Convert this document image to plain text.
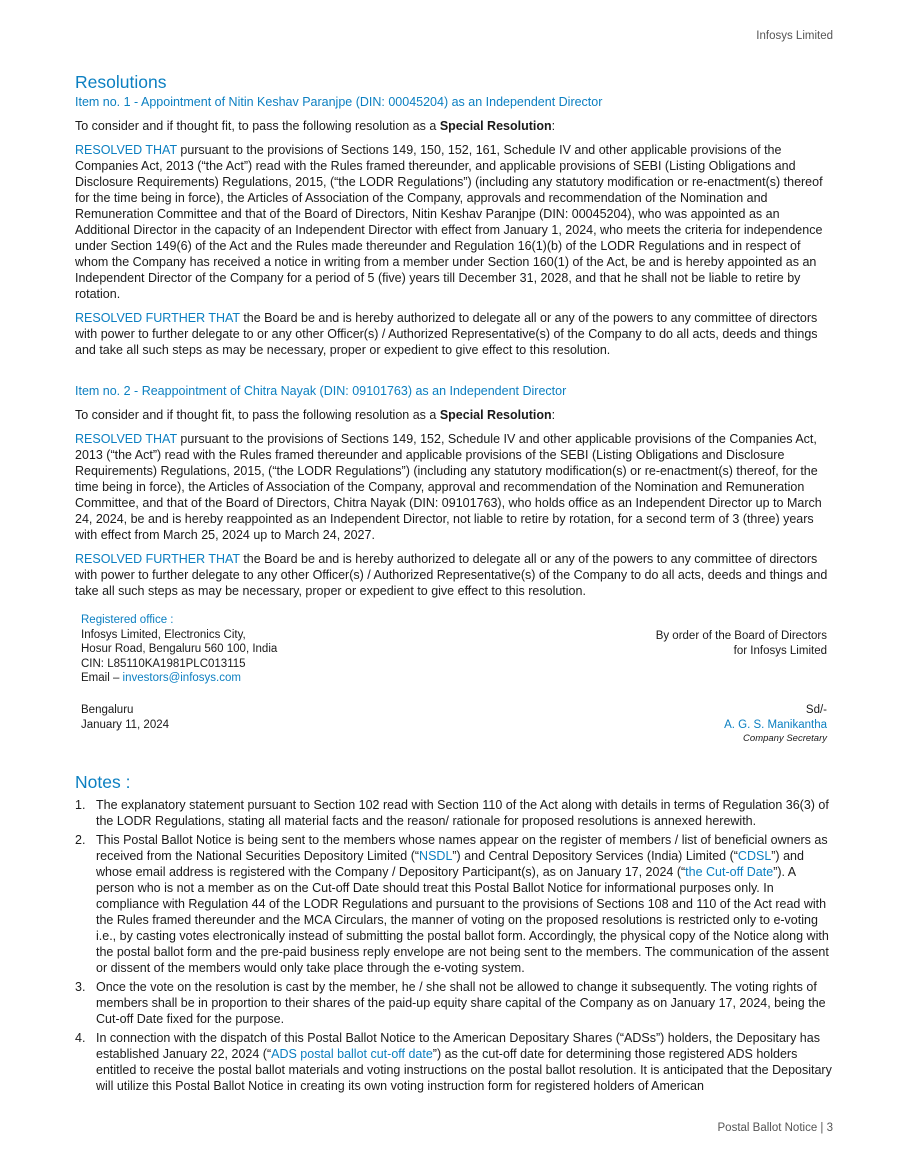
Infosys Limited
Resolutions
Item no. 1 - Appointment of Nitin Keshav Paranjpe (DIN: 00045204) as an Independent Director

To consider and if thought fit, to pass the following resolution as a Special Resolution:

RESOLVED THAT pursuant to the provisions of Sections 149, 150, 152, 161, Schedule IV and other applicable provisions of the Companies Act, 2013 (“the Act”) read with the Rules framed thereunder, and applicable provisions of SEBI (Listing Obligations and Disclosure Requirements) Regulations, 2015, (“the LODR Regulations”) (including any statutory modification or re-enactment(s) thereof for the time being in force), the Articles of Association of the Company, approvals and recommendation of the Nomination and Remuneration Committee and that of the Board of Directors, Nitin Keshav Paranjpe (DIN: 00045204), who was appointed as an Additional Director in the capacity of an Independent Director with effect from January 1, 2024, who meets the criteria for independence under Section 149(6) of the Act and the Rules made thereunder and Regulation 16(1)(b) of the LODR Regulations and in respect of whom the Company has received a notice in writing from a member under Section 160(1) of the Act, be and is hereby appointed as an Independent Director of the Company for a period of 5 (five) years till December 31, 2028, and that he shall not be liable to retire by rotation.

RESOLVED FURTHER THAT the Board be and is hereby authorized to delegate all or any of the powers to any committee of directors with power to further delegate to or any other Officer(s) / Authorized Representative(s) of the Company to do all acts, deeds and things and take all such steps as may be necessary, proper or expedient to give effect to this resolution.

Item no. 2 - Reappointment of Chitra Nayak (DIN: 09101763) as an Independent Director

To consider and if thought fit, to pass the following resolution as a Special Resolution:

RESOLVED THAT pursuant to the provisions of Sections 149, 152, Schedule IV and other applicable provisions of the Companies Act, 2013 (“the Act”) read with the Rules framed thereunder and applicable provisions of the SEBI (Listing Obligations and Disclosure Requirements) Regulations, 2015, (“the LODR Regulations”) (including any statutory modification(s) or re-enactment(s) thereof, for the time being in force), the Articles of Association of the Company, approval and recommendation of the Nomination and Remuneration Committee, and that of the Board of Directors, Chitra Nayak (DIN: 09101763), who holds office as an Independent Director up to March 24, 2024, be and is hereby reappointed as an Independent Director, not liable to retire by rotation, for a second term of 3 (three) years with effect from March 25, 2024 up to March 24, 2027.

RESOLVED FURTHER THAT the Board be and is hereby authorized to delegate all or any of the powers to any committee of directors with power to further delegate to any other Officer(s) / Authorized Representative(s) of the Company to do all acts, deeds and things and take all such steps as may be necessary, proper or expedient to give effect to this resolution.

Registered office :
Infosys Limited, Electronics City,
Hosur Road, Bengaluru 560 100, India
CIN: L85110KA1981PLC013115
Email – investors@infosys.com
By order of the Board of Directors
for Infosys Limited
Bengaluru
January 11, 2024
Sd/-
A. G. S. Manikantha
Company Secretary
Notes :
1. The explanatory statement pursuant to Section 102 read with Section 110 of the Act along with details in terms of Regulation 36(3) of the LODR Regulations, stating all material facts and the reason/ rationale for proposed resolutions is annexed herewith.
2. This Postal Ballot Notice is being sent to the members whose names appear on the register of members / list of beneficial owners as received from the National Securities Depository Limited (“NSDL”) and Central Depository Services (India) Limited (“CDSL”) and whose email address is registered with the Company / Depository Participant(s), as on January 17, 2024 (“the Cut-off Date”). A person who is not a member as on the Cut-off Date should treat this Postal Ballot Notice for informational purposes only. In compliance with Regulation 44 of the LODR Regulations and pursuant to the provisions of Sections 108 and 110 of the Act read with the Rules framed thereunder and the MCA Circulars, the manner of voting on the proposed resolutions is restricted only to e-voting i.e., by casting votes electronically instead of submitting the postal ballot form. Accordingly, the physical copy of the Notice along with the postal ballot form and the pre-paid business reply envelope are not being sent to the members. The communication of the assent or dissent of the members would only take place through the e-voting system.
3. Once the vote on the resolution is cast by the member, he / she shall not be allowed to change it subsequently. The voting rights of members shall be in proportion to their shares of the paid-up equity share capital of the Company as on January 17, 2024, being the Cut-off Date fixed for the purpose.
4. In connection with the dispatch of this Postal Ballot Notice to the American Depositary Shares (“ADSs”) holders, the Depositary has established January 22, 2024 (“ADS postal ballot cut-off date”) as the cut-off date for determining those registered ADS holders entitled to receive the postal ballot materials and voting instructions on the postal ballot resolution. It is anticipated that the Depositary will utilize this Postal Ballot Notice in creating its own voting instruction form for registered holders of American
Postal Ballot Notice | 3
